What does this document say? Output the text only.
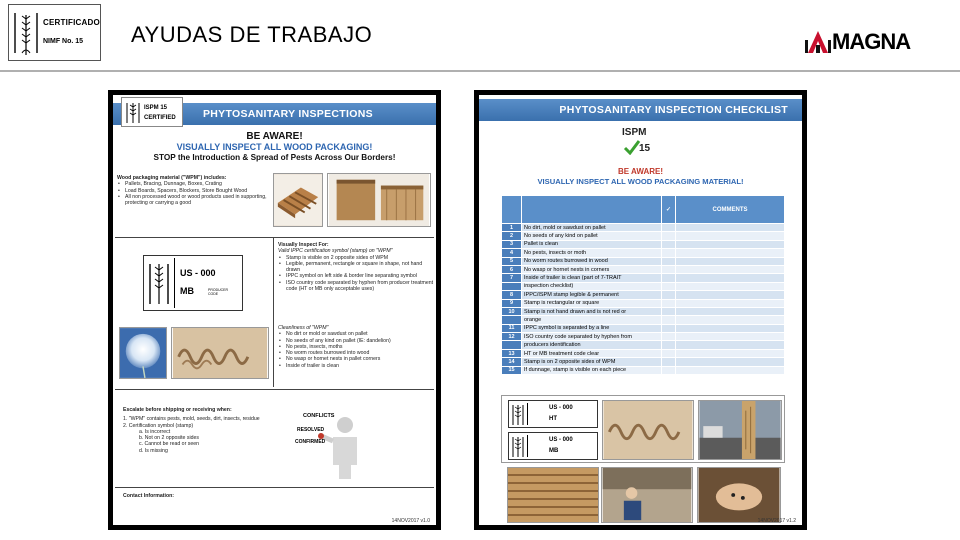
CERTIFICADO
NIMF No. 15 AYUDAS DE TRABAJO	MAGNA
PHYTOSANITARY INSPECTIONS
ISPM 15
CERTIFIED
BE AWARE!
VISUALLY INSPECT ALL WOOD PACKAGING!
STOP the Introduction & Spread of Pests Across Our Borders!
Wood packaging material ("WPM") includes:
• Pallets, Bracing, Dunnage, Boxes, Crating
• Load Boards, Spacers, Blockers, Store Bought Wood
• All non processed wood or wood products used in supporting, protecting or carrying a good
US - 000
MB	PRODUCER CODE
Visually Inspect For:
Valid IPPC certification symbol (stamp) on "WPM"
• Stamp is visible on 2 opposite sides of WPM
• Legible, permanent, rectangle or square in shape, not hand drawn
• IPPC symbol on left side & border line separating symbol
• ISO country code separated by hyphen from producer treatment code (HT or MB only acceptable uses)
Cleanliness of "WPM"
• No dirt or mold or sawdust on pallet
• No seeds of any kind on pallet (IE: dandelion)
• No pests, insects, moths
• No worm routes burrowed into wood
• No wasp or hornet nests in pallet corners
• Inside of trailer is clean
Escalate before shipping or receiving when:
1. "WPM" contains pests, mold, seeds, dirt, insects, residue
2. Certification symbol (stamp)
a. Is incorrect
b. Not on 2 opposite sides
c. Cannot be read or seen
d. Is missing
CONFLICTS
RESOLVED
CONFIRMED
Contact Information:
14NOV2017 v1.0
PHYTOSANITARY INSPECTION CHECKLIST
ISPM
15
BE AWARE!
VISUALLY INSPECT ALL WOOD PACKAGING MATERIAL!
		✓	COMMENTS
1	No dirt, mold or sawdust on pallet		
2	No seeds of any kind on pallet		
3	Pallet is clean		
4	No pests, insects or moth		
5	No worm routes burrowed in wood		
6	No wasp or hornet nests in corners		
7	Inside of trailer is clean (part of 7-TRAIT		
	inspection checklist)		
8	IPPC/ISPM stamp legible & permanent		
9	Stamp is rectangular or square		
10	Stamp is not hand drawn and is not red or		
	orange		
11	IPPC symbol is separated by a line		
12	ISO country code separated by hyphen from		
	producers identification		
13	HT or MB treatment code clear		
14	Stamp is on 2 opposite sides of WPM		
15	If dunnage, stamp is visible on each piece		
US - 000
HT
US - 000
MB
14NOV2017 v1.2
